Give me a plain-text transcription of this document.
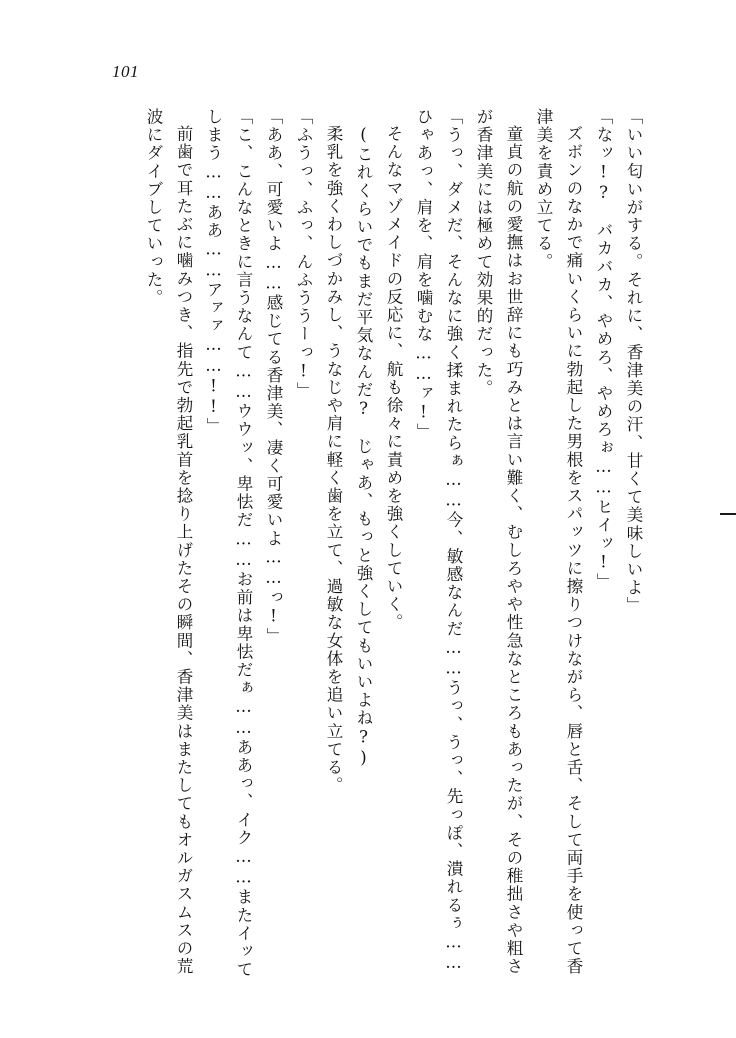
101

「いい匂いがする。それに、香津美の汗、甘くて美味しいよ」

「なッ!?　バカバカ、やめろ、やめろぉ……ヒイッ!」

ズボンのなかで痛いくらいに勃起した男根をスパッツに擦りつけながら、唇と舌、そして両手を使って香津美を責め立てる。

童貞の航の愛撫はお世辞にも巧みとは言い難く、むしろやや性急なところもあったが、その稚拙さや粗さが香津美には極めて効果的だった。

「うっ、ダメだ、そんなに強く揉まれたらぁ……今、敏感なんだ……うっ、うっ、先っぽ、潰れるぅ……ひゃあっ、肩を、肩を噛むな……ァ!」

そんなマゾメイドの反応に、航も徐々に責めを強くしていく。

(これくらいでもまだ平気なんだ?　じゃあ、もっと強くしてもいいよね?)

柔乳を強くわしづかみし、うなじや肩に軽く歯を立て、過敏な女体を追い立てる。

「ふうっ、ふっ、んふううーっ!」

「ああ、可愛いよ……感じてる香津美、凄く可愛いよ……っ!」

「こ、こんなときに言うなんて……ウウッ、卑怯だ……お前は卑怯だぁ……ああっ、イク……またイッてしまう……ああ……アァァ……!!」

前歯で耳たぶに噛みつき、指先で勃起乳首を捻り上げたその瞬間、香津美はまたしてもオルガスムスの荒波にダイブしていった。
